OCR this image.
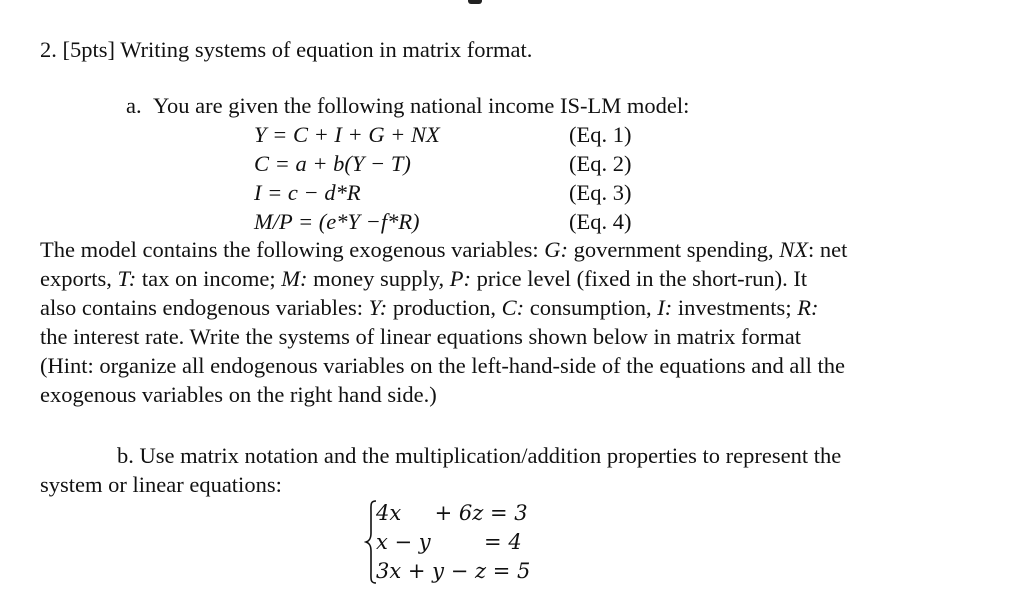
2. [5pts] Writing systems of equation in matrix format.
a. You are given the following national income IS-LM model:
Y = C + I + G + NX	(Eq. 1)
C = a + b(Y − T)	(Eq. 2)
I = c − d*R	(Eq. 3)
M/P = (e*Y −f*R)	(Eq. 4)
The model contains the following exogenous variables: G: government spending, NX: net
exports, T: tax on income; M: money supply, P: price level (fixed in the short-run). It
also contains endogenous variables: Y: production, C: consumption, I: investments; R:
the interest rate. Write the systems of linear equations shown below in matrix format
(Hint: organize all endogenous variables on the left-hand-side of the equations and all the
exogenous variables on the right hand side.)
b. Use matrix notation and the multiplication/addition properties to represent the
system or linear equations:
4x     + 6z = 3
x − y        = 4
3x + y − z = 5
